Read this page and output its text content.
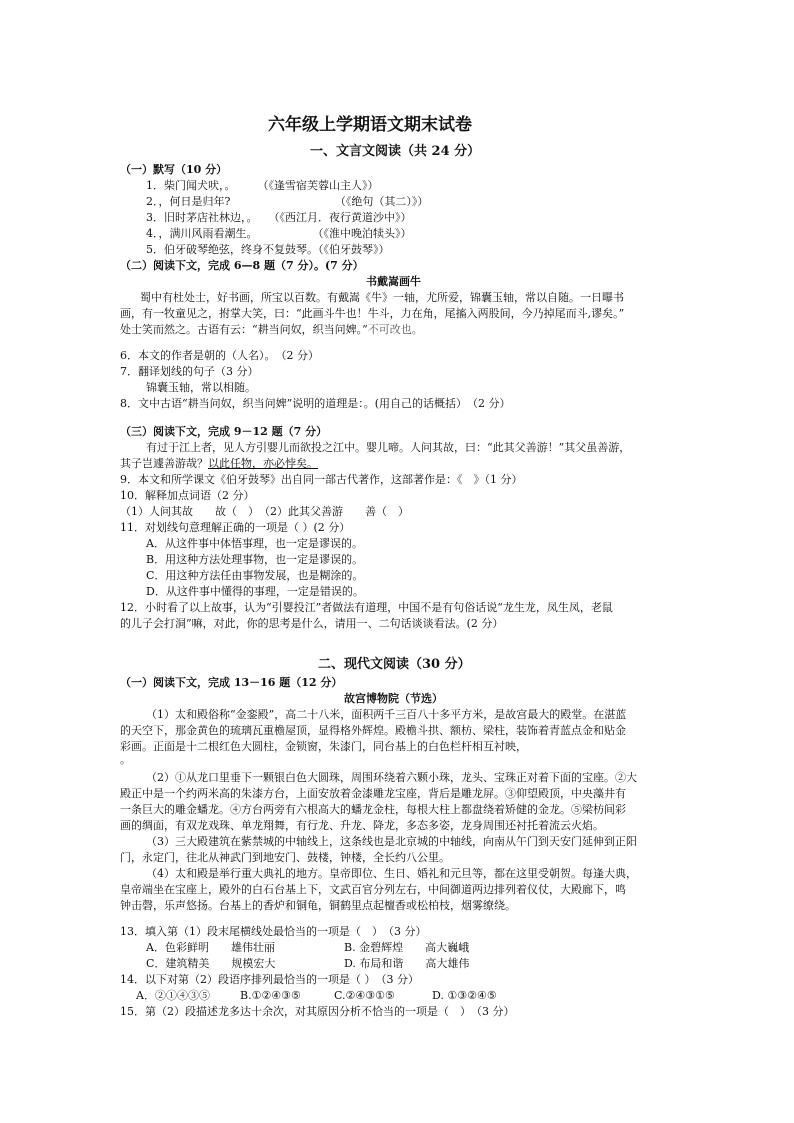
六年级上学期语文期末试卷
一、文言文阅读（共 24 分）
（一）默写（10 分）
1．柴门闻犬吠，。　　　（《逢雪宿芙蓉山主人》）
2．，何日是归年?　　　　　　　　　　（《绝句（其二）》）
3．旧时茅店社林边，。　　（《西江月．夜行黄道沙中》）
4．，满川风雨看潮生。　　　　　　（《淮中晚泊犊头》）
5．伯牙破琴绝弦，终身不复鼓琴。（《伯牙鼓琴》）
（二）阅读下文，完成 6—8 题（7 分）。(7 分）
书戴嵩画牛
蜀中有杜处士，好书画，所宝以百数。有戴嵩《牛》一轴，尤所爱，锦囊玉轴，常以自随。一日曝书
画，有一牧童见之，拊掌大笑，曰：“此画斗牛也！牛斗，力在角，尾搐入两股间，今乃掉尾而斗,谬矣。”
处士笑而然之。古语有云：“耕当问奴，织当问婢。”不可改也。
6．本文的作者是朝的（人名）。　（2 分）
7．翻译划线的句子（3 分）
锦囊玉轴，常以相随。
8．文中古语“耕当问奴，织当问婢”说明的道理是：。(用自己的话概括）　（2 分）
（三）阅读下文，完成 9－12 题（7 分）
有过于江上者，见人方引婴儿而欲投之江中。婴儿啼。人问其故，曰：“此其父善游！”其父虽善游，
其子岂遽善游哉？以此任物，亦必悖矣。
9．本文和所学课文《伯牙鼓琴》出自同一部古代著作，这部著作是：《　》（1 分）
10．解释加点词语（2 分）
（1）人问其故　　故（　）　（2）此其父善游　　善（　）
11．对划线句意理解正确的一项是（ ）(2 分）
A．从这件事中体悟事理，也一定是谬误的。
B．用这种方法处理事物，也一定是谬误的。
C．用这种方法任由事物发展，也是糊涂的。
D．从这件事中懂得的事理，一定是错误的。
12．小时看了以上故事，认为“引婴投江”者做法有道理，中国不是有句俗话说“龙生龙，凤生凤，老鼠
的儿子会打洞”嘛，对此，你的思考是什么，请用一、二句话谈谈看法。(2 分）
二、现代文阅读（30 分）
（一）阅读下文，完成 13－16 题（12 分）
故宫博物院（节选）
（1）太和殿俗称“金銮殿”，高二十八米，面积两千三百八十多平方米，是故宫最大的殿堂。在湛蓝
的天空下，那金黄色的琉璃瓦重檐屋顶，显得格外辉煌。殿檐斗拱、额枋、梁柱，装饰着青蓝点金和贴金
彩画。正面是十二根红色大圆柱，金锁窗，朱漆门，同台基上的白色栏杆相互衬映，
。
（2）①从龙口里垂下一颗银白色大圆珠，周围环绕着六颗小珠，龙头、宝珠正对着下面的宝座。②大
殿正中是一个约两米高的朱漆方台，上面安放着金漆雕龙宝座，背后是雕龙屏。③仰望殿顶，中央藻井有
一条巨大的雕金蟠龙。④方台两旁有六根高大的蟠龙金柱，每根大柱上都盘绕着矫健的金龙。⑤梁枋间彩
画的绸面，有双龙戏珠、单龙翔舞，有行龙、升龙、降龙，多态多姿，龙身周围还衬托着流云火焰。
（3）三大殿建筑在紫禁城的中轴线上，这条线也是北京城的中轴线，向南从午门到天安门延伸到正阳
门，永定门，往北从神武门到地安门、鼓楼，钟楼，全长约八公里。
（4）太和殿是举行重大典礼的地方。皇帝即位、生日、婚礼和元旦等，都在这里受朝贺。每逢大典，
皇帝端坐在宝座上，殿外的白石台基上下，文武百官分列左右，中间御道两边排列着仪仗，大殿廊下，鸣
钟击磬，乐声悠扬。台基上的香炉和铜龟，铜鹤里点起檀香或松柏枝，烟雾缭绕。
13．填入第（1）段末尾横线处最恰当的一项是（　）　（3 分）
A．色彩鲜明　　雄伟壮丽	B. 金碧辉煌　　高大巍峨
C．建筑精美　　规模宏大	D. 布局和谐　　高大雄伟
14．以下对第（2）段语序排列最恰当的一项是（ ）　（3 分）
A．②①④③⑤	B.①②④③⑤	C.②④③①⑤	D. ①③②④⑤
15．第（2）段描述龙多达十余次，对其原因分析不恰当的一项是（　）　（3 分）
